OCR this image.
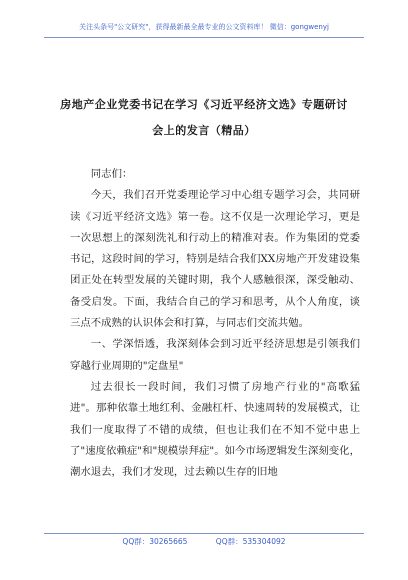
关注头条号"公文研究"，获得最新最全最专业的公文资料库！ 微信：gongwenyj
房地产企业党委书记在学习《习近平经济文选》专题研讨
会上的发言（精品）

同志们：

今天，我们召开党委理论学习中心组专题学习会，共同研读《习近平经济文选》第一卷。这不仅是一次理论学习，更是一次思想上的深刻洗礼和行动上的精准对表。作为集团的党委书记，这段时间的学习，特别是结合我们XX房地产开发建设集团正处在转型发展的关键时期，我个人感触很深，深受触动、备受启发。下面，我结合自己的学习和思考，从个人角度，谈三点不成熟的认识体会和打算，与同志们交流共勉。

一、学深悟透，我深刻体会到习近平经济思想是引领我们穿越行业周期的"定盘星"

过去很长一段时间，我们习惯了房地产行业的"高歌猛进"。那种依靠土地红利、金融杠杆、快速周转的发展模式，让我们一度取得了不错的成绩，但也让我们在不知不觉中患上了"速度依赖症"和"规模崇拜症"。如今市场逻辑发生深刻变化，潮水退去，我们才发现，过去赖以生存的旧地

QQ群：30265665	QQ群：535304092
